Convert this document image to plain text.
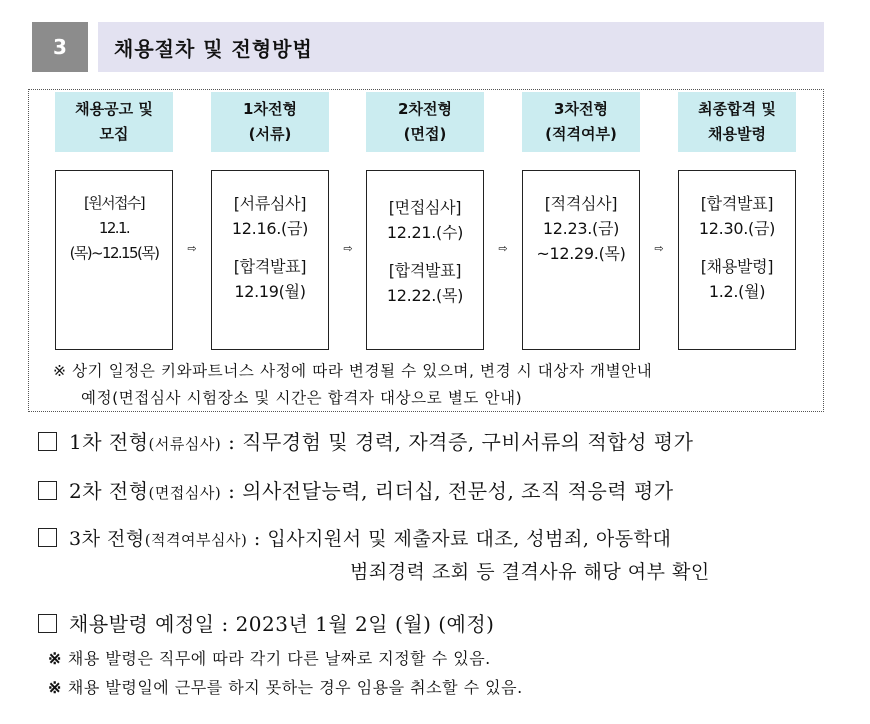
3	채용절차 및 전형방법
채용공고 및
모집
1차전형
(서류)
2차전형
(면접)
3차전형
(적격여부)
최종합격 및
채용발령
[원서접수]
12.1.(목)~12.15(목)
[서류심사]
12.16.(금)
[합격발표]
12.19(월)
[면접심사]
12.21.(수)
[합격발표]
12.22.(목)
[적격심사]
12.23.(금)
~12.29.(목)
[합격발표]
12.30.(금)
[채용발령]
1.2.(월)
⇨	⇨	⇨	⇨
※ 상기 일정은 키와파트너스 사정에 따라 변경될 수 있으며, 변경 시 대상자 개별안내
예정(면접심사 시험장소 및 시간은 합격자 대상으로 별도 안내)
1차 전형(서류심사) : 직무경험 및 경력, 자격증, 구비서류의 적합성 평가
2차 전형(면접심사) : 의사전달능력, 리더십, 전문성, 조직 적응력 평가
3차 전형(적격여부심사) : 입사지원서 및 제출자료 대조, 성범죄, 아동학대
범죄경력 조회 등 결격사유 해당 여부 확인
채용발령 예정일 : 2023년 1월 2일 (월) (예정)
※ 채용 발령은 직무에 따라 각기 다른 날짜로 지정할 수 있음.
※ 채용 발령일에 근무를 하지 못하는 경우 임용을 취소할 수 있음.
